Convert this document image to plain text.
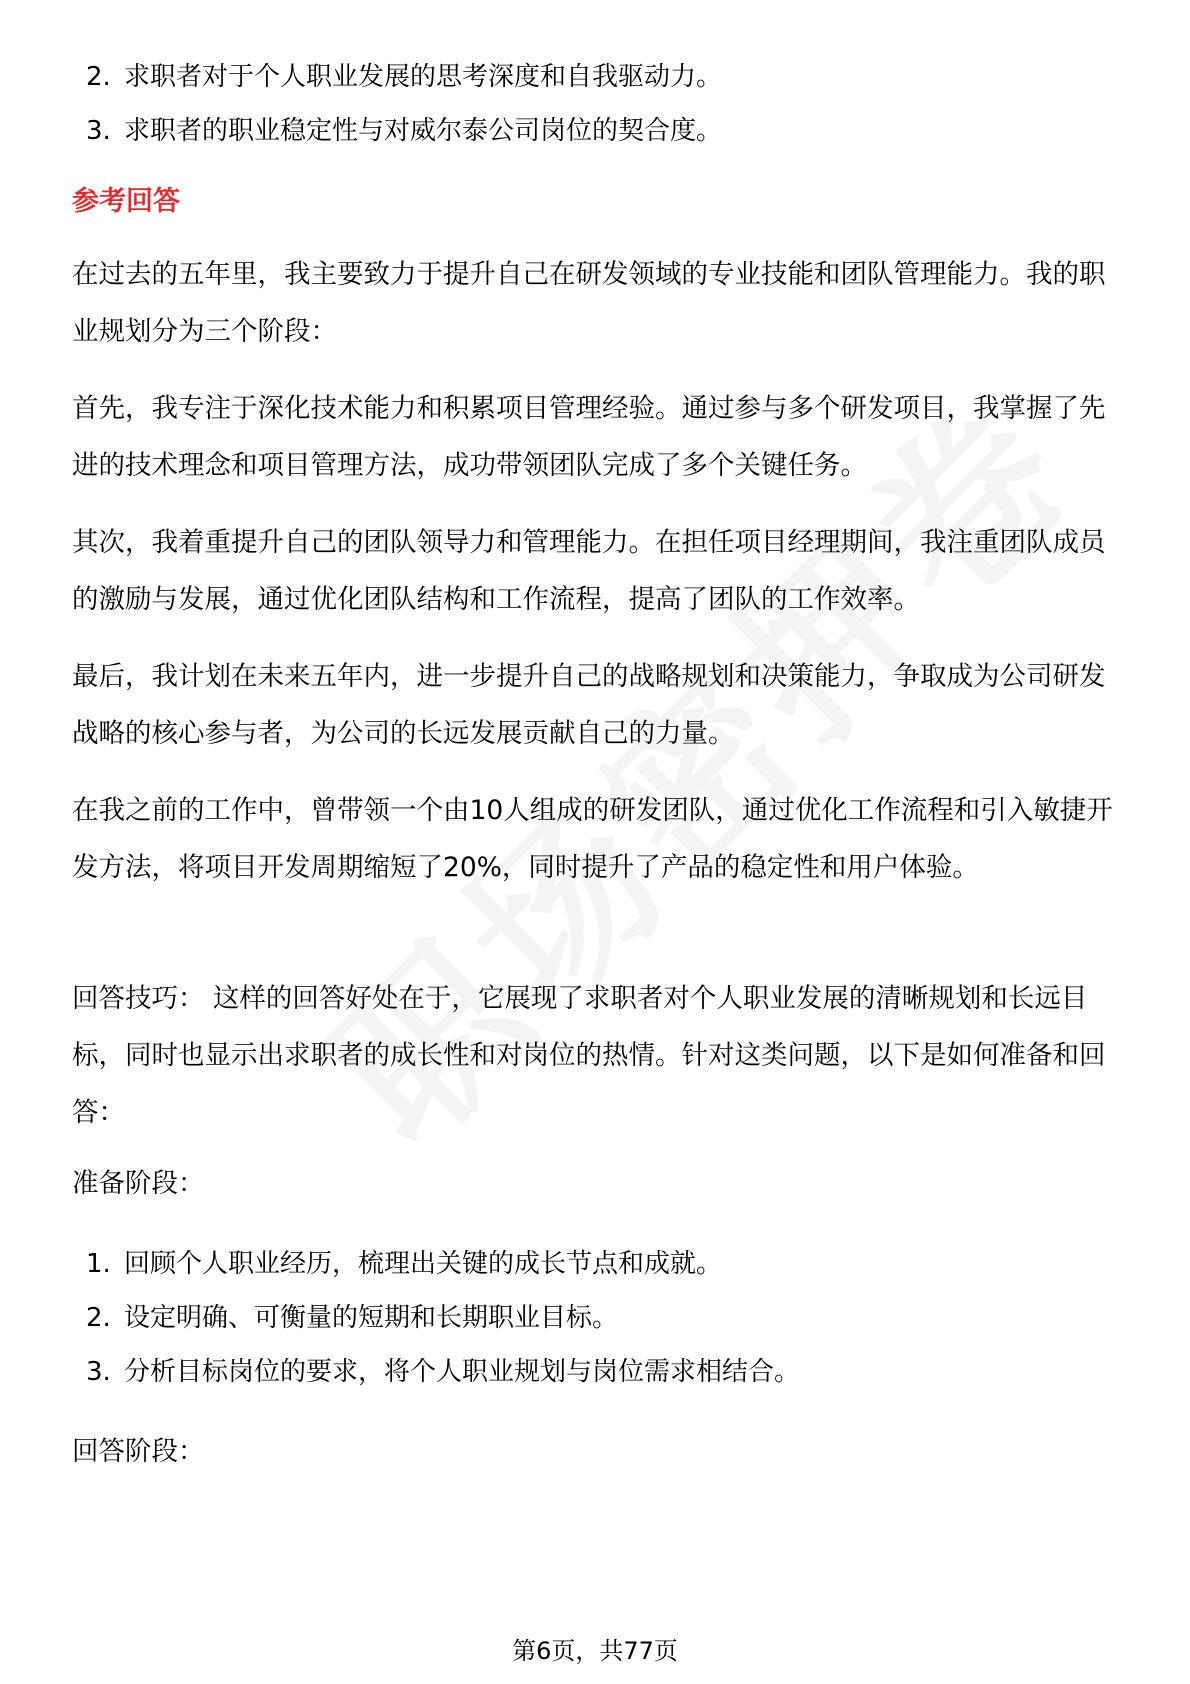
2. 求职者对于个人职业发展的思考深度和自我驱动力。
3. 求职者的职业稳定性与对威尔泰公司岗位的契合度。
参考回答

在过去的五年里，我主要致力于提升自己在研发领域的专业技能和团队管理能力。我的职业规划分为三个阶段：

首先，我专注于深化技术能力和积累项目管理经验。通过参与多个研发项目，我掌握了先进的技术理念和项目管理方法，成功带领团队完成了多个关键任务。

其次，我着重提升自己的团队领导力和管理能力。在担任项目经理期间，我注重团队成员的激励与发展，通过优化团队结构和工作流程，提高了团队的工作效率。

最后，我计划在未来五年内，进一步提升自己的战略规划和决策能力，争取成为公司研发战略的核心参与者，为公司的长远发展贡献自己的力量。

在我之前的工作中，曾带领一个由10人组成的研发团队，通过优化工作流程和引入敏捷开发方法，将项目开发周期缩短了20%，同时提升了产品的稳定性和用户体验。

回答技巧： 这样的回答好处在于，它展现了求职者对个人职业发展的清晰规划和长远目标，同时也显示出求职者的成长性和对岗位的热情。针对这类问题，以下是如何准备和回答：

准备阶段：
1. 回顾个人职业经历，梳理出关键的成长节点和成就。
2. 设定明确、可衡量的短期和长期职业目标。
3. 分析目标岗位的要求，将个人职业规划与岗位需求相结合。
回答阶段：
第6页，共77页
